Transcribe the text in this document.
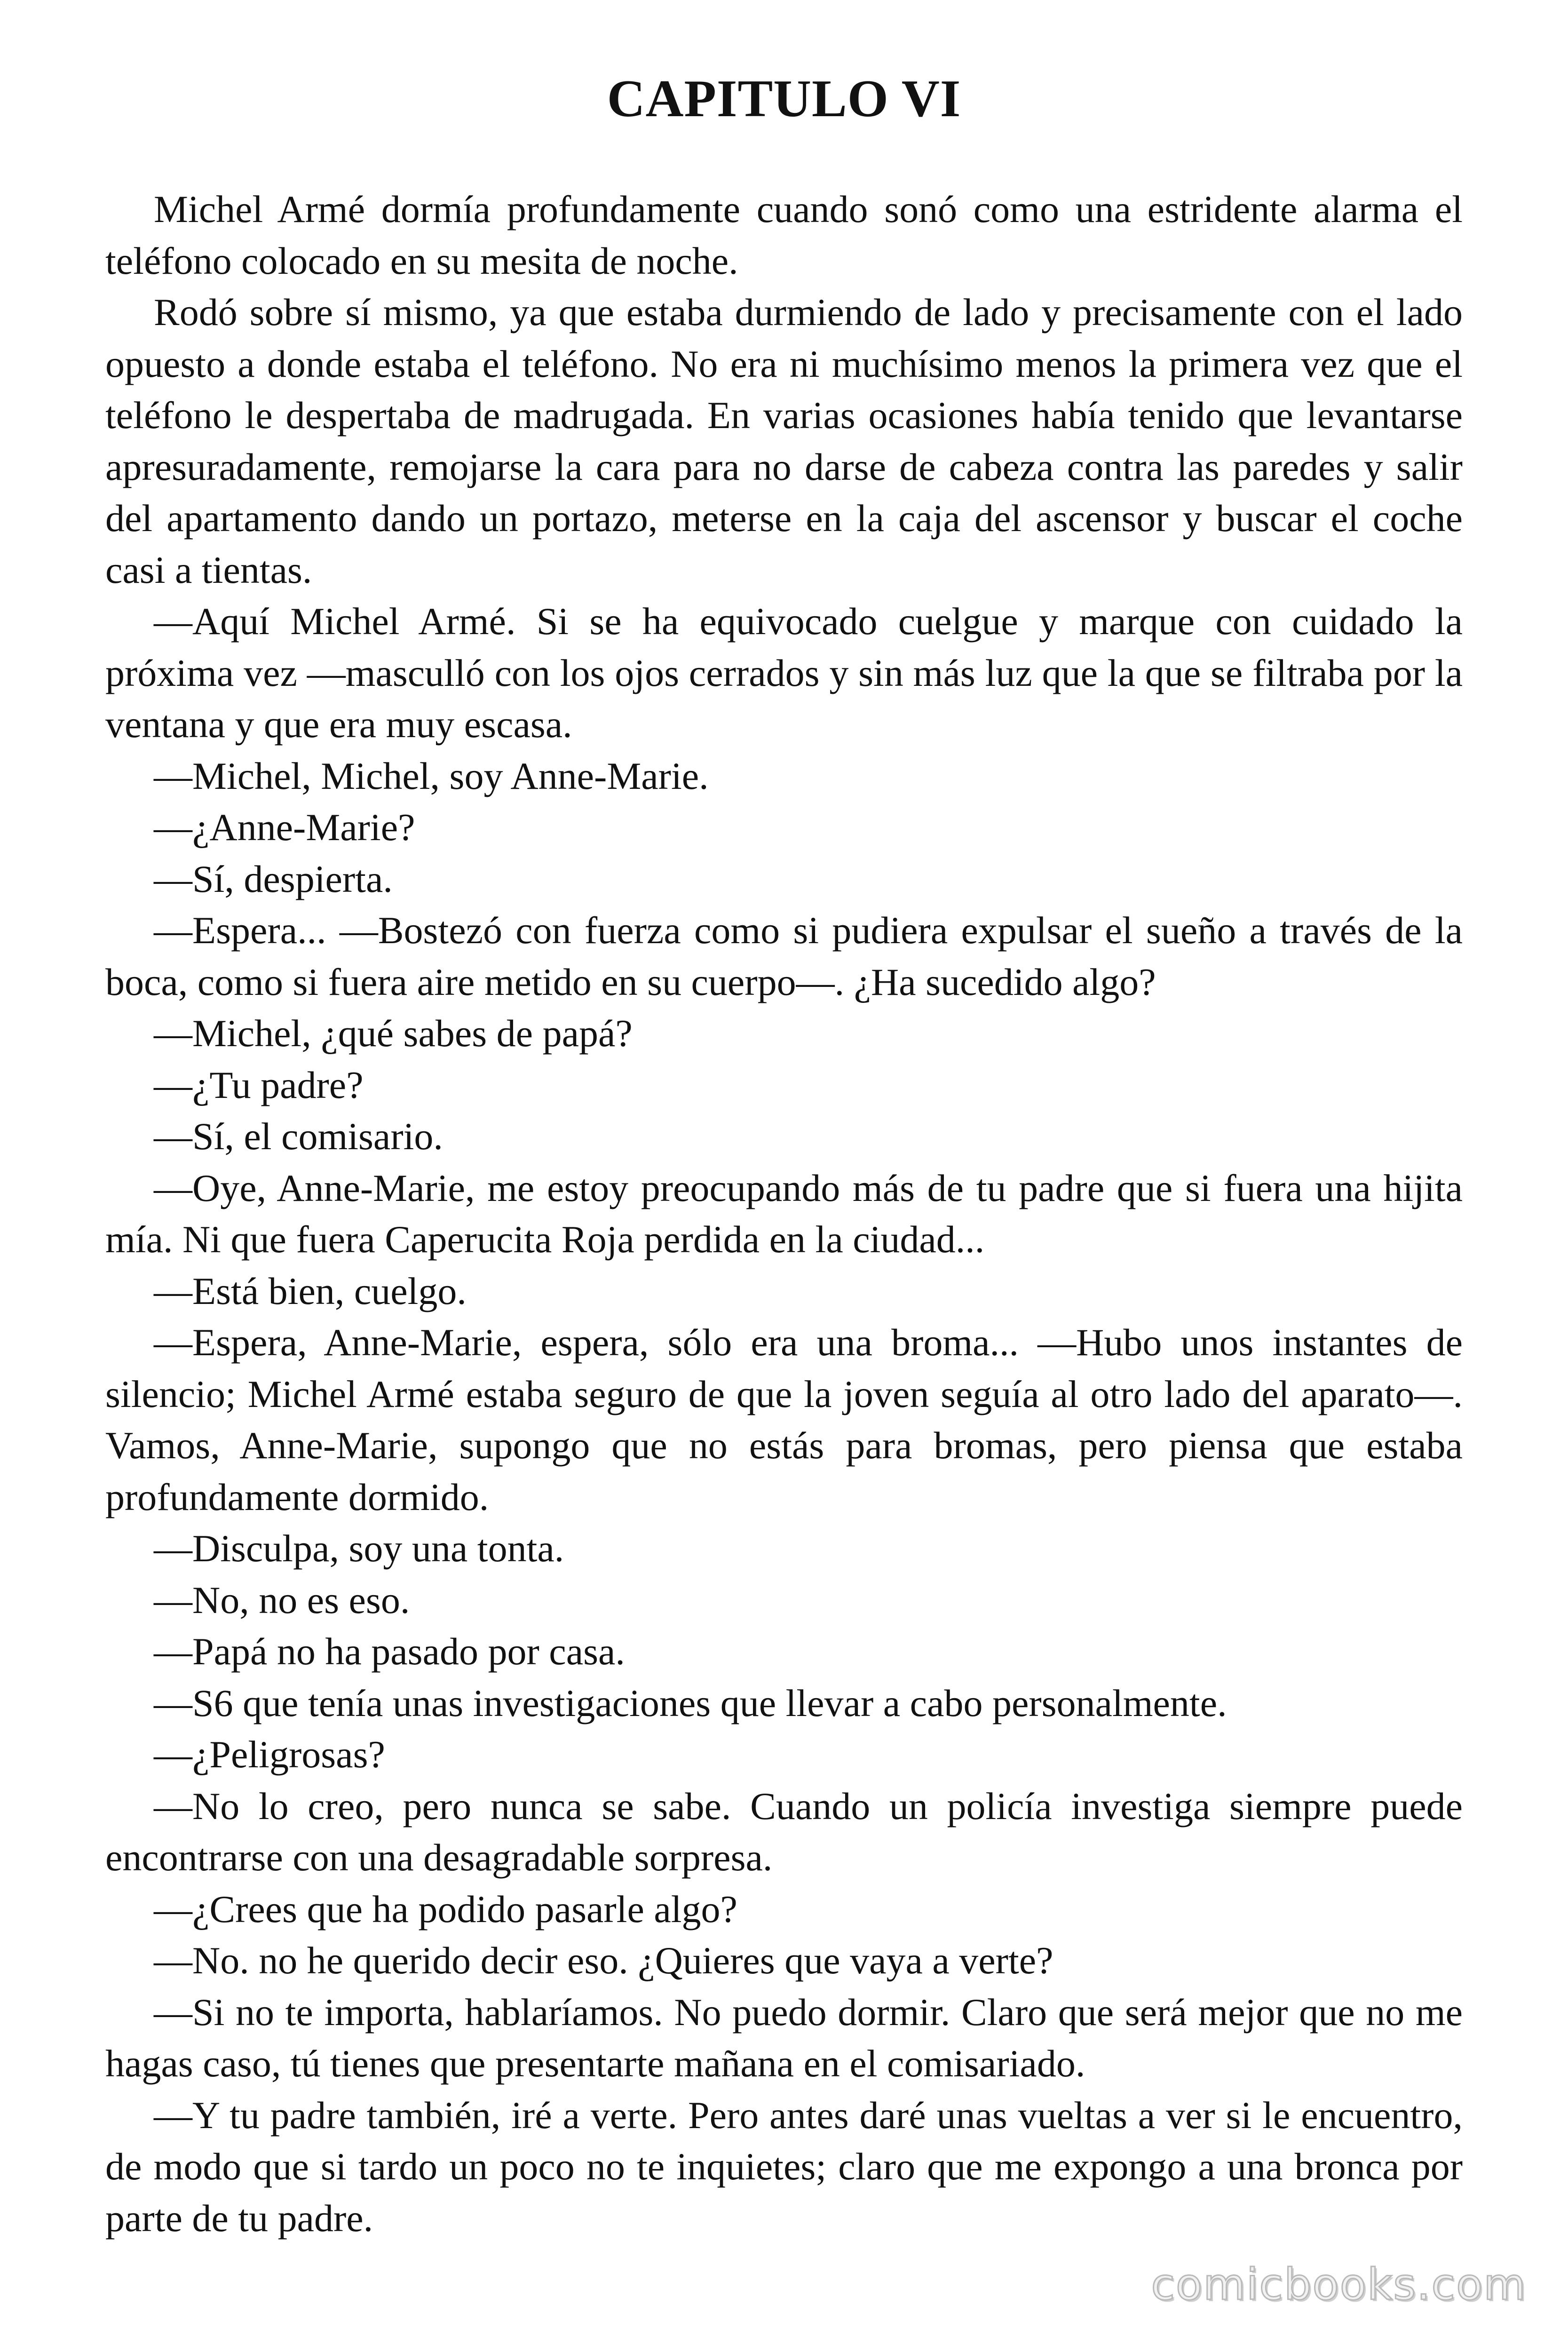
CAPITULO VI

Michel Armé dormía profundamente cuando sonó como una estridente alarma el teléfono colocado en su mesita de noche.

Rodó sobre sí mismo, ya que estaba durmiendo de lado y precisamente con el lado opuesto a donde estaba el teléfono. No era ni muchísimo menos la primera vez que el teléfono le despertaba de madrugada. En varias ocasiones había tenido que levantarse apresuradamente, remojarse la cara para no darse de cabeza contra las paredes y salir del apartamento dando un portazo, meterse en la caja del ascensor y buscar el coche casi a tientas.

—Aquí Michel Armé. Si se ha equivocado cuelgue y marque con cuidado la próxima vez —masculló con los ojos cerrados y sin más luz que la que se filtraba por la ventana y que era muy escasa.

—Michel, Michel, soy Anne-Marie.

—¿Anne-Marie?

—Sí, despierta.

—Espera... —Bostezó con fuerza como si pudiera expulsar el sueño a través de la boca, como si fuera aire metido en su cuerpo—. ¿Ha sucedido algo?

—Michel, ¿qué sabes de papá?

—¿Tu padre?

—Sí, el comisario.

—Oye, Anne-Marie, me estoy preocupando más de tu padre que si fuera una hijita mía. Ni que fuera Caperucita Roja perdida en la ciudad...

—Está bien, cuelgo.

—Espera, Anne-Marie, espera, sólo era una broma... —Hubo unos instantes de silencio; Michel Armé estaba seguro de que la joven seguía al otro lado del aparato—. Vamos, Anne-Marie, supongo que no estás para bromas, pero piensa que estaba profundamente dormido.

—Disculpa, soy una tonta.

—No, no es eso.

—Papá no ha pasado por casa.

—S6 que tenía unas investigaciones que llevar a cabo personalmente.

—¿Peligrosas?

—No lo creo, pero nunca se sabe. Cuando un policía investiga siempre puede encontrarse con una desagradable sorpresa.

—¿Crees que ha podido pasarle algo?

—No. no he querido decir eso. ¿Quieres que vaya a verte?

—Si no te importa, hablaríamos. No puedo dormir. Claro que será mejor que no me hagas caso, tú tienes que presentarte mañana en el comisariado.

—Y tu padre también, iré a verte. Pero antes daré unas vueltas a ver si le encuentro, de modo que si tardo un poco no te inquietes; claro que me expongo a una bronca por parte de tu padre.

comicbooks.com
